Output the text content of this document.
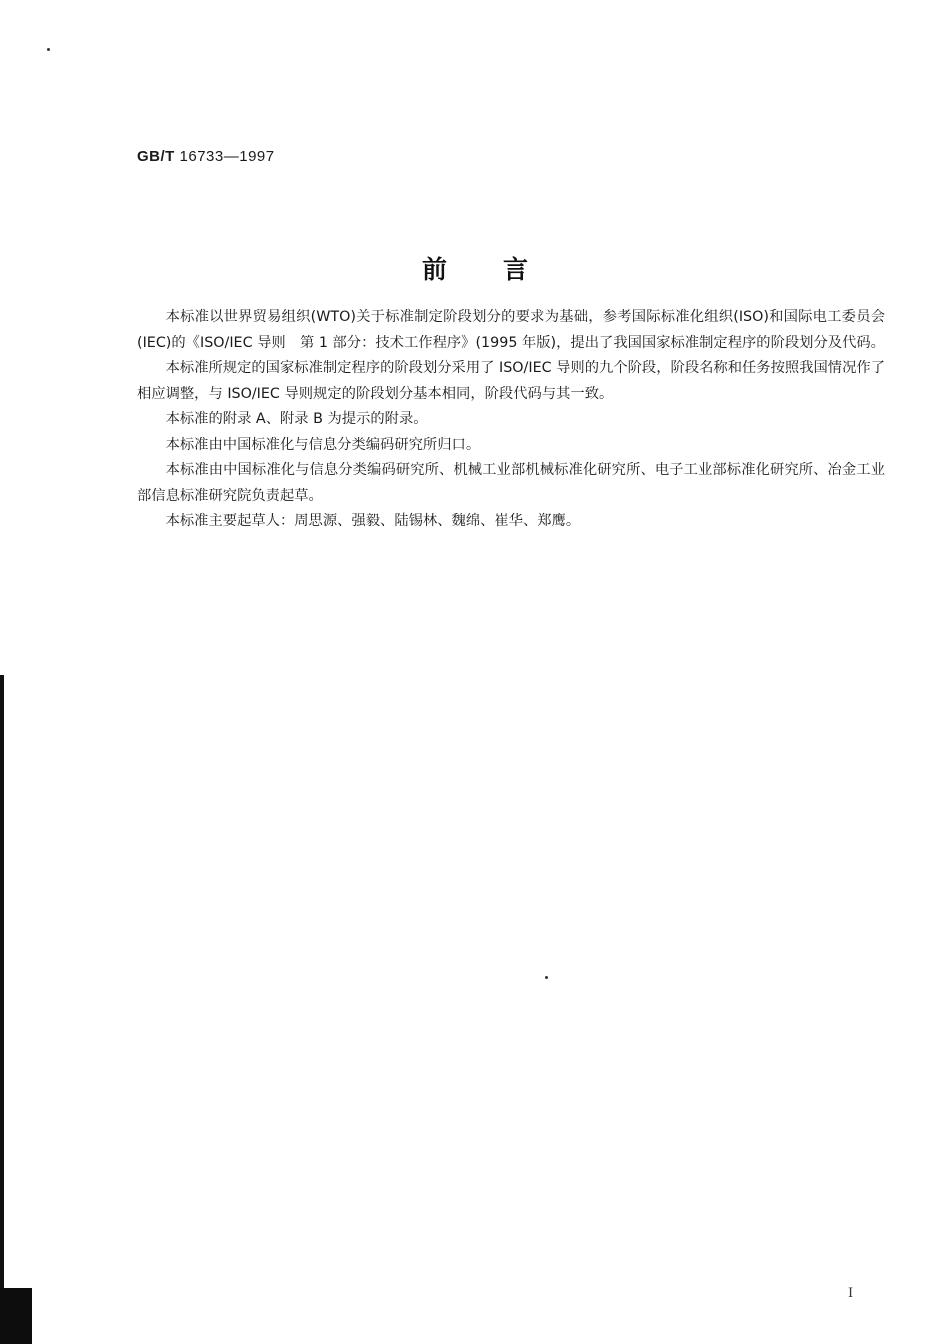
GB/T 16733—1997
前 言

本标准以世界贸易组织(WTO)关于标准制定阶段划分的要求为基础，参考国际标准化组织(ISO)和国际电工委员会(IEC)的《ISO/IEC 导则　第 1 部分：技术工作程序》(1995 年版)，提出了我国国家标准制定程序的阶段划分及代码。

本标准所规定的国家标准制定程序的阶段划分采用了 ISO/IEC 导则的九个阶段，阶段名称和任务按照我国情况作了相应调整，与 ISO/IEC 导则规定的阶段划分基本相同，阶段代码与其一致。

本标准的附录 A、附录 B 为提示的附录。

本标准由中国标准化与信息分类编码研究所归口。

本标准由中国标准化与信息分类编码研究所、机械工业部机械标准化研究所、电子工业部标准化研究所、冶金工业部信息标准研究院负责起草。

本标准主要起草人：周思源、强毅、陆锡林、魏绵、崔华、郑鹰。

I
